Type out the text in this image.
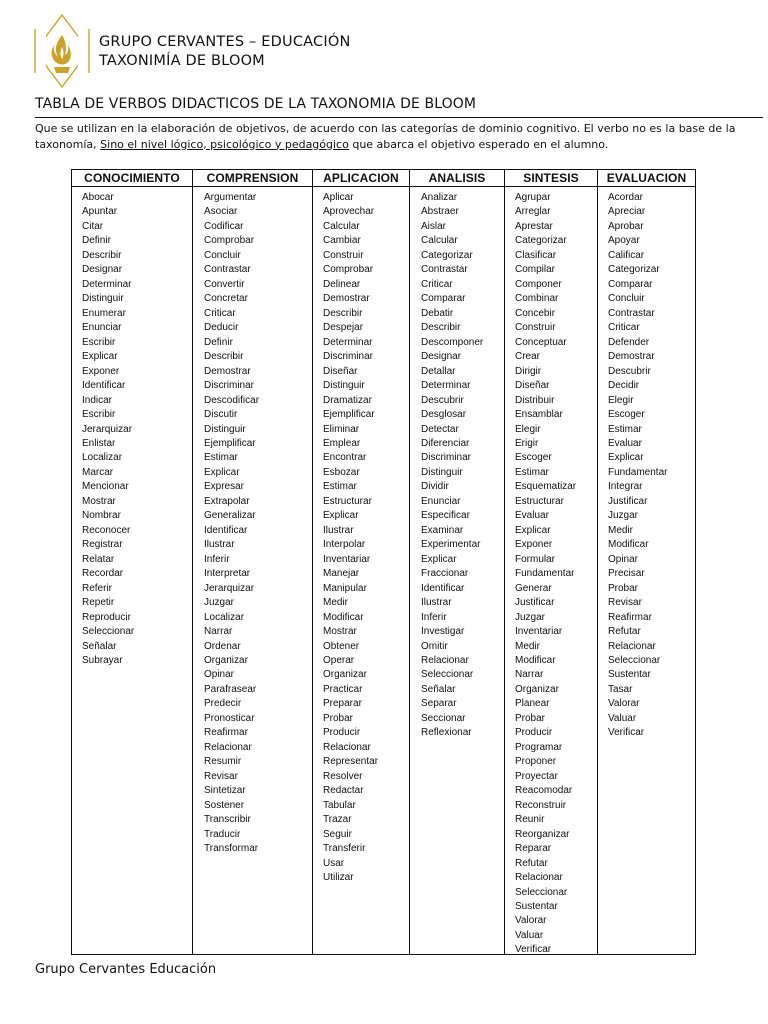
GRUPO CERVANTES – EDUCACIÓN
TAXONIMÍA DE BLOOM
TABLA DE VERBOS DIDACTICOS DE LA TAXONOMIA DE BLOOM
Que se utilizan en la elaboración de objetivos, de acuerdo con las categorías de dominio cognitivo. El verbo no es la base de la taxonomía, Sino el nivel lógico, psicológico y pedagógico que abarca el objetivo esperado en el alumno.
CONOCIMIENTO
Abocar
Apuntar
Citar
Definir
Describir
Designar
Determinar
Distinguir
Enumerar
Enunciar
Escribir
Explicar
Exponer
Identificar
Indicar
Escribir
Jerarquizar
Enlistar
Localizar
Marcar
Mencionar
Mostrar
Nombrar
Reconocer
Registrar
Relatar
Recordar
Referir
Repetir
Reproducir
Seleccionar
Señalar
Subrayar
COMPRENSION
Argumentar
Asociar
Codificar
Comprobar
Concluir
Contrastar
Convertir
Concretar
Criticar
Deducir
Definir
Describir
Demostrar
Discriminar
Descodificar
Discutir
Distinguir
Ejemplificar
Estimar
Explicar
Expresar
Extrapolar
Generalizar
Identificar
Ilustrar
Inferir
Interpretar
Jerarquizar
Juzgar
Localizar
Narrar
Ordenar
Organizar
Opinar
Parafrasear
Predecir
Pronosticar
Reafirmar
Relacionar
Resumir
Revisar
Sintetizar
Sostener
Transcribir
Traducir
Transformar
APLICACION
Aplicar
Aprovechar
Calcular
Cambiar
Construir
Comprobar
Delinear
Demostrar
Describir
Despejar
Determinar
Discriminar
Diseñar
Distinguir
Dramatizar
Ejemplificar
Eliminar
Emplear
Encontrar
Esbozar
Estimar
Estructurar
Explicar
Ilustrar
Interpolar
Inventariar
Manejar
Manipular
Medir
Modificar
Mostrar
Obtener
Operar
Organizar
Practicar
Preparar
Probar
Producir
Relacionar
Representar
Resolver
Redactar
Tabular
Trazar
Seguir
Transferir
Usar
Utilizar
ANALISIS
Analizar
Abstraer
Aislar
Calcular
Categorizar
Contrastar
Criticar
Comparar
Debatir
Describir
Descomponer
Designar
Detallar
Determinar
Descubrir
Desglosar
Detectar
Diferenciar
Discriminar
Distinguir
Dividir
Enunciar
Especificar
Examinar
Experimentar
Explicar
Fraccionar
Identificar
Ilustrar
Inferir
Investigar
Omitir
Relacionar
Seleccionar
Señalar
Separar
Seccionar
Reflexionar
SINTESIS
Agrupar
Arreglar
Aprestar
Categorizar
Clasificar
Compilar
Componer
Combinar
Concebir
Construir
Conceptuar
Crear
Dirigir
Diseñar
Distribuir
Ensamblar
Elegir
Erigir
Escoger
Estimar
Esquematizar
Estructurar
Evaluar
Explicar
Exponer
Formular
Fundamentar
Generar
Justificar
Juzgar
Inventariar
Medir
Modificar
Narrar
Organizar
Planear
Probar
Producir
Programar
Proponer
Proyectar
Reacomodar
Reconstruir
Reunir
Reorganizar
Reparar
Refutar
Relacionar
Seleccionar
Sustentar
Valorar
Valuar
Verificar
EVALUACION
Acordar
Apreciar
Aprobar
Apoyar
Calificar
Categorizar
Comparar
Concluir
Contrastar
Criticar
Defender
Demostrar
Descubrir
Decidir
Elegir
Escoger
Estimar
Evaluar
Explicar
Fundamentar
Integrar
Justificar
Juzgar
Medir
Modificar
Opinar
Precisar
Probar
Revisar
Reafirmar
Refutar
Relacionar
Seleccionar
Sustentar
Tasar
Valorar
Valuar
Verificar
Grupo Cervantes Educación
